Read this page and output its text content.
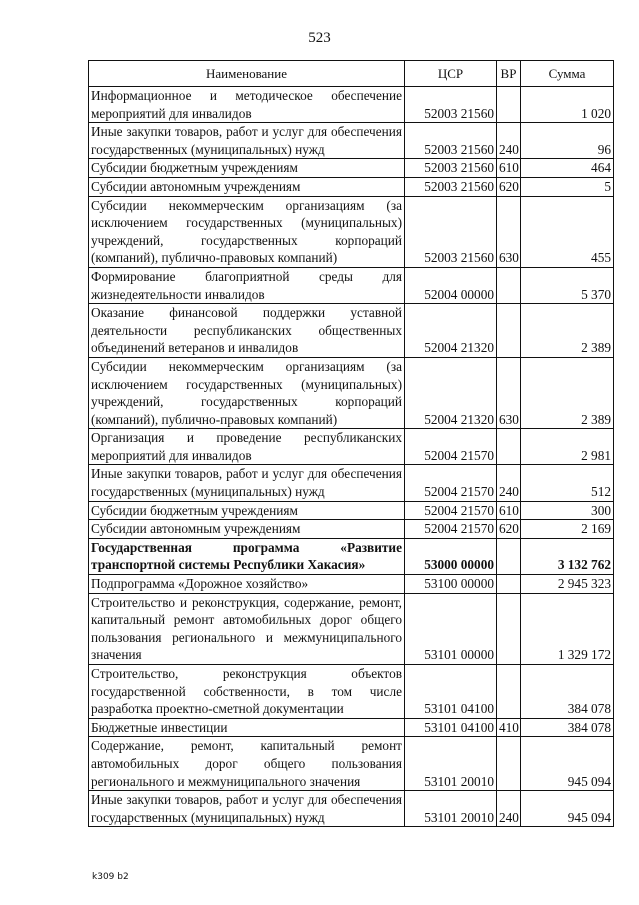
523
Наименование	ЦСР	ВР	Сумма
Информационное и методическое обеспечение мероприятий для инвалидов	52003 21560		1 020
Иные закупки товаров, работ и услуг для обеспечения государственных (муниципальных) нужд	52003 21560	240	96
Субсидии бюджетным учреждениям	52003 21560	610	464
Субсидии автономным учреждениям	52003 21560	620	5
Субсидии некоммерческим организациям (за исключением государственных (муниципальных) учреждений, государственных корпораций (компаний), публично-правовых компаний)	52003 21560	630	455
Формирование благоприятной среды для жизнедеятельности инвалидов	52004 00000		5 370
Оказание финансовой поддержки уставной деятельности республиканских общественных объединений ветеранов и инвалидов	52004 21320		2 389
Субсидии некоммерческим организациям (за исключением государственных (муниципальных) учреждений, государственных корпораций (компаний), публично-правовых компаний)	52004 21320	630	2 389
Организация и проведение республиканских мероприятий для инвалидов	52004 21570		2 981
Иные закупки товаров, работ и услуг для обеспечения государственных (муниципальных) нужд	52004 21570	240	512
Субсидии бюджетным учреждениям	52004 21570	610	300
Субсидии автономным учреждениям	52004 21570	620	2 169
Государственная программа «Развитие транспортной системы Республики Хакасия»	53000 00000		3 132 762
Подпрограмма «Дорожное хозяйство»	53100 00000		2 945 323
Строительство и реконструкция, содержание, ремонт, капитальный ремонт автомобильных дорог общего пользования регионального и межмуниципального значения	53101 00000		1 329 172
Строительство, реконструкция объектов государственной собственности, в том числе разработка проектно-сметной документации	53101 04100		384 078
Бюджетные инвестиции	53101 04100	410	384 078
Содержание, ремонт, капитальный ремонт автомобильных дорог общего пользования регионального и межмуниципального значения	53101 20010		945 094
Иные закупки товаров, работ и услуг для обеспечения государственных (муниципальных) нужд	53101 20010	240	945 094
k309 b2
